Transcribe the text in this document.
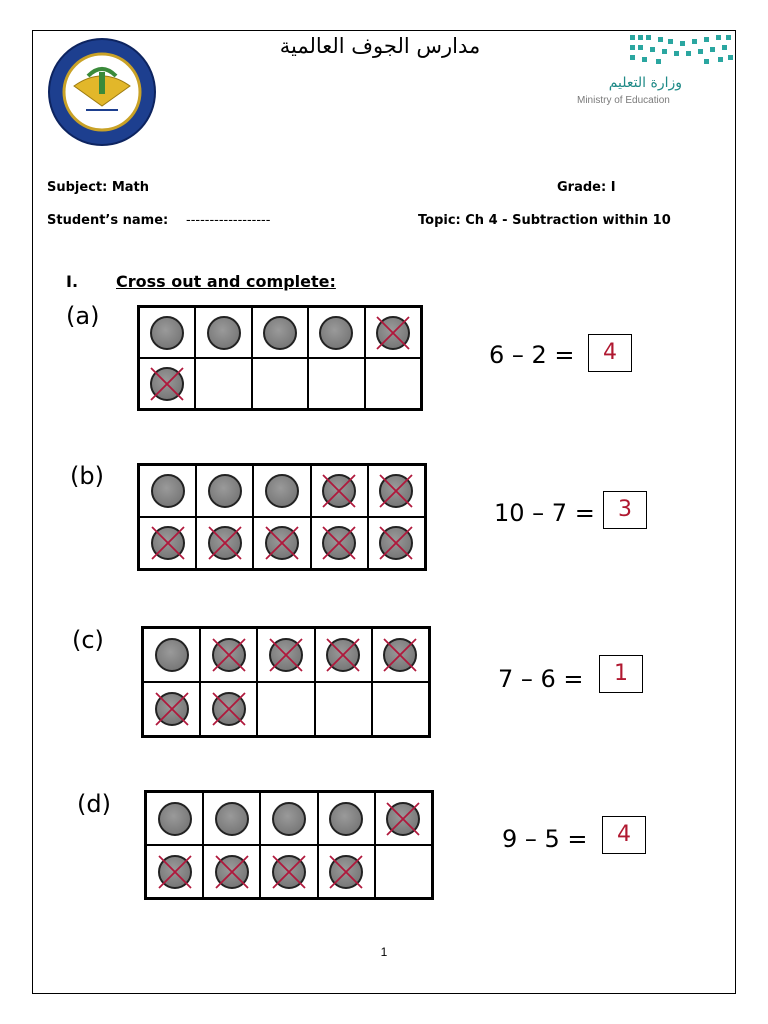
مدارس الجوف العالمية
وزارة التعليم
Ministry of Education
Subject: Math	Grade: I
Student’s name: ------------------	Topic: Ch 4 - Subtraction within 10
I. Cross out and complete:
(a)
6 – 2 =	4
(b)
10 – 7 =	3
(c)
7 – 6 =	1
(d)
9 – 5 =	4
1
